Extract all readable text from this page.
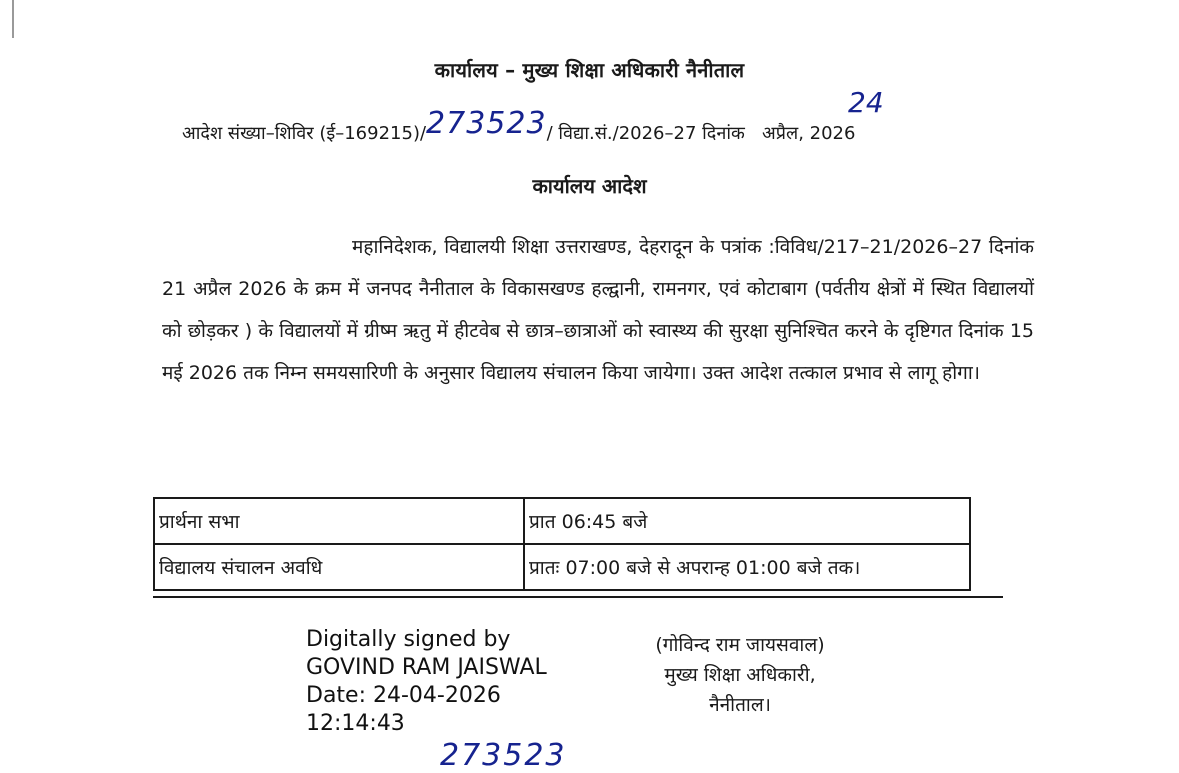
कार्यालय – मुख्य शिक्षा अधिकारी नैनीताल
आदेश संख्या–शिविर (ई–169215)/273523/ विद्या.सं./2026–27 दिनांक अप्रैल, 2026
24
कार्यालय आदेश
महानिदेशक, विद्यालयी शिक्षा उत्तराखण्ड, देहरादून के पत्रांक :विविध/217–21/2026–27 दिनांक 21 अप्रैल 2026 के क्रम में जनपद नैनीताल के विकासखण्ड हल्द्वानी, रामनगर, एवं कोटाबाग (पर्वतीय क्षेत्रों में स्थित विद्यालयों को छोड़कर ) के विद्यालयों में ग्रीष्म ऋतु में हीटवेब से छात्र–छात्राओं को स्वास्थ्य की सुरक्षा सुनिश्चित करने के दृष्टिगत दिनांक 15 मई 2026 तक निम्न समयसारिणी के अनुसार विद्यालय संचालन किया जायेगा। उक्त आदेश तत्काल प्रभाव से लागू होगा।
प्रार्थना सभा	प्रात 06:45 बजे
विद्यालय संचालन अवधि	प्रातः 07:00 बजे से अपरान्ह 01:00 बजे तक।
Digitally signed by
GOVIND RAM JAISWAL
Date: 24-04-2026
12:14:43
(गोविन्द राम जायसवाल)
मुख्य शिक्षा अधिकारी,
नैनीताल।
273523
